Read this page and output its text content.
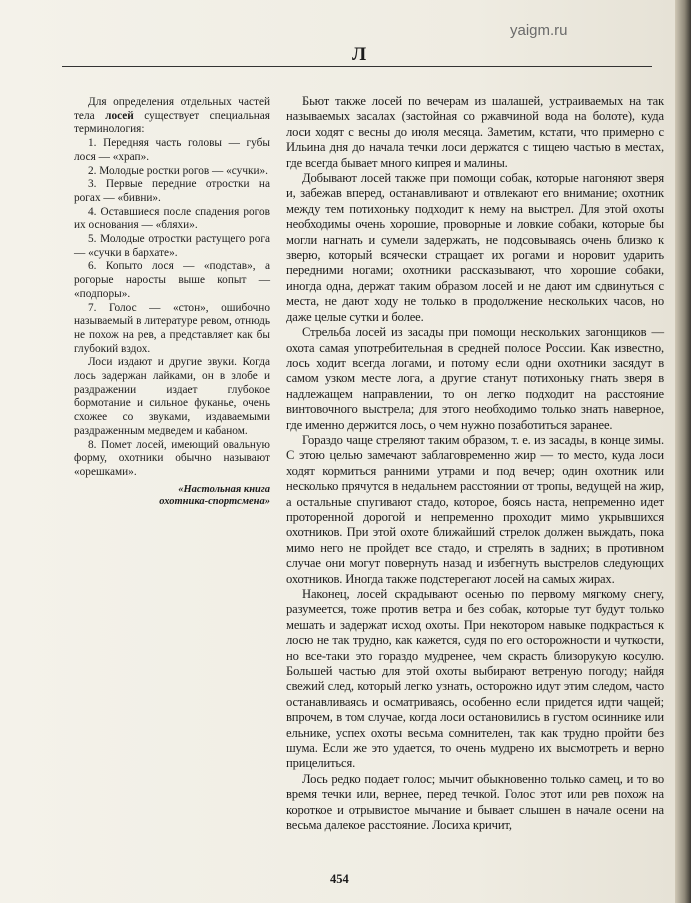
yaigm.ru
Л

Для определения отдельных частей тела лосей существует специальная терминология:

1. Передняя часть головы — губы лося — «храп».

2. Молодые ростки рогов — «сучки».

3. Первые передние отростки на рогах — «бивни».

4. Оставшиеся после спадения рогов их основания — «бляхи».

5. Молодые отростки растущего рога — «сучки в бархате».

6. Копыто лося — «подстав», а рогорые наросты выше копыт — «подпоры».

7. Голос — «стон», ошибочно называемый в литературе ревом, отнюдь не похож на рев, а представляет как бы глубокий вздох.

Лоси издают и другие звуки. Когда лось задержан лайками, он в злобе и раздражении издает глубокое бормотание и сильное фуканье, очень схожее со звуками, издаваемыми раздраженным медведем и кабаном.

8. Помет лосей, имеющий овальную форму, охотники обычно называют «орешками».

«Настольная книга
охотника-спортсмена»

Бьют также лосей по вечерам из шалашей, устраиваемых на так называемых засалах (застойная со ржавчиной вода на болоте), куда лоси ходят с весны до июля месяца. Заметим, кстати, что примерно с Ильина дня до начала течки лоси держатся с тищею частью в местах, где всегда бывает много кипрея и малины.

Добывают лосей также при помощи собак, которые нагоняют зверя и, забежав вперед, останавливают и отвлекают его внимание; охотник между тем потихоньку подходит к нему на выстрел. Для этой охоты необходимы очень хорошие, проворные и ловкие собаки, которые бы могли нагнать и сумели задержать, не подсовываясь очень близко к зверю, который всячески стращает их рогами и норовит ударить передними ногами; охотники рассказывают, что хорошие собаки, иногда одна, держат таким образом лосей и не дают им сдвинуться с места, не дают ходу не только в продолжение нескольких часов, но даже целые сутки и более.

Стрельба лосей из засады при помощи нескольких загонщиков — охота самая употребительная в средней полосе России. Как известно, лось ходит всегда логами, и потому если одни охотники засядут в самом узком месте лога, а другие станут потихоньку гнать зверя в надлежащем направлении, то он легко подходит на расстояние винтовочного выстрела; для этого необходимо только знать наверное, где именно держится лось, о чем нужно позаботиться заранее.

Гораздо чаще стреляют таким образом, т. е. из засады, в конце зимы. С этою целью замечают заблаговременно жир — то место, куда лоси ходят кормиться ранними утрами и под вечер; один охотник или несколько прячутся в недальнем расстоянии от тропы, ведущей на жир, а остальные спугивают стадо, которое, боясь наста, непременно идет проторенной дорогой и непременно проходит мимо укрывшихся охотников. При этой охоте ближайший стрелок должен выждать, пока мимо него не пройдет все стадо, и стрелять в задних; в противном случае они могут повернуть назад и избегнуть выстрелов следующих охотников. Иногда также подстерегают лосей на самых жирах.

Наконец, лосей скрадывают осенью по первому мягкому снегу, разумеется, тоже против ветра и без собак, которые тут будут только мешать и задержат исход охоты. При некотором навыке подкрасться к лосю не так трудно, как кажется, судя по его осторожности и чуткости, но все-таки это гораздо мудренее, чем скрасть близорукую косулю. Большей частью для этой охоты выбирают ветреную погоду; найдя свежий след, который легко узнать, осторожно идут этим следом, часто останавливаясь и осматриваясь, особенно если придется идти чащей; впрочем, в том случае, когда лоси остановились в густом осиннике или ельнике, успех охоты весьма сомнителен, так как трудно пройти без шума. Если же это удается, то очень мудрено их высмотреть и верно прицелиться.

Лось редко подает голос; мычит обыкновенно только самец, и то во время течки или, вернее, перед течкой. Голос этот или рев похож на короткое и отрывистое мычание и бывает слышен в начале осени на весьма далекое расстояние. Лосиха кричит,

454
